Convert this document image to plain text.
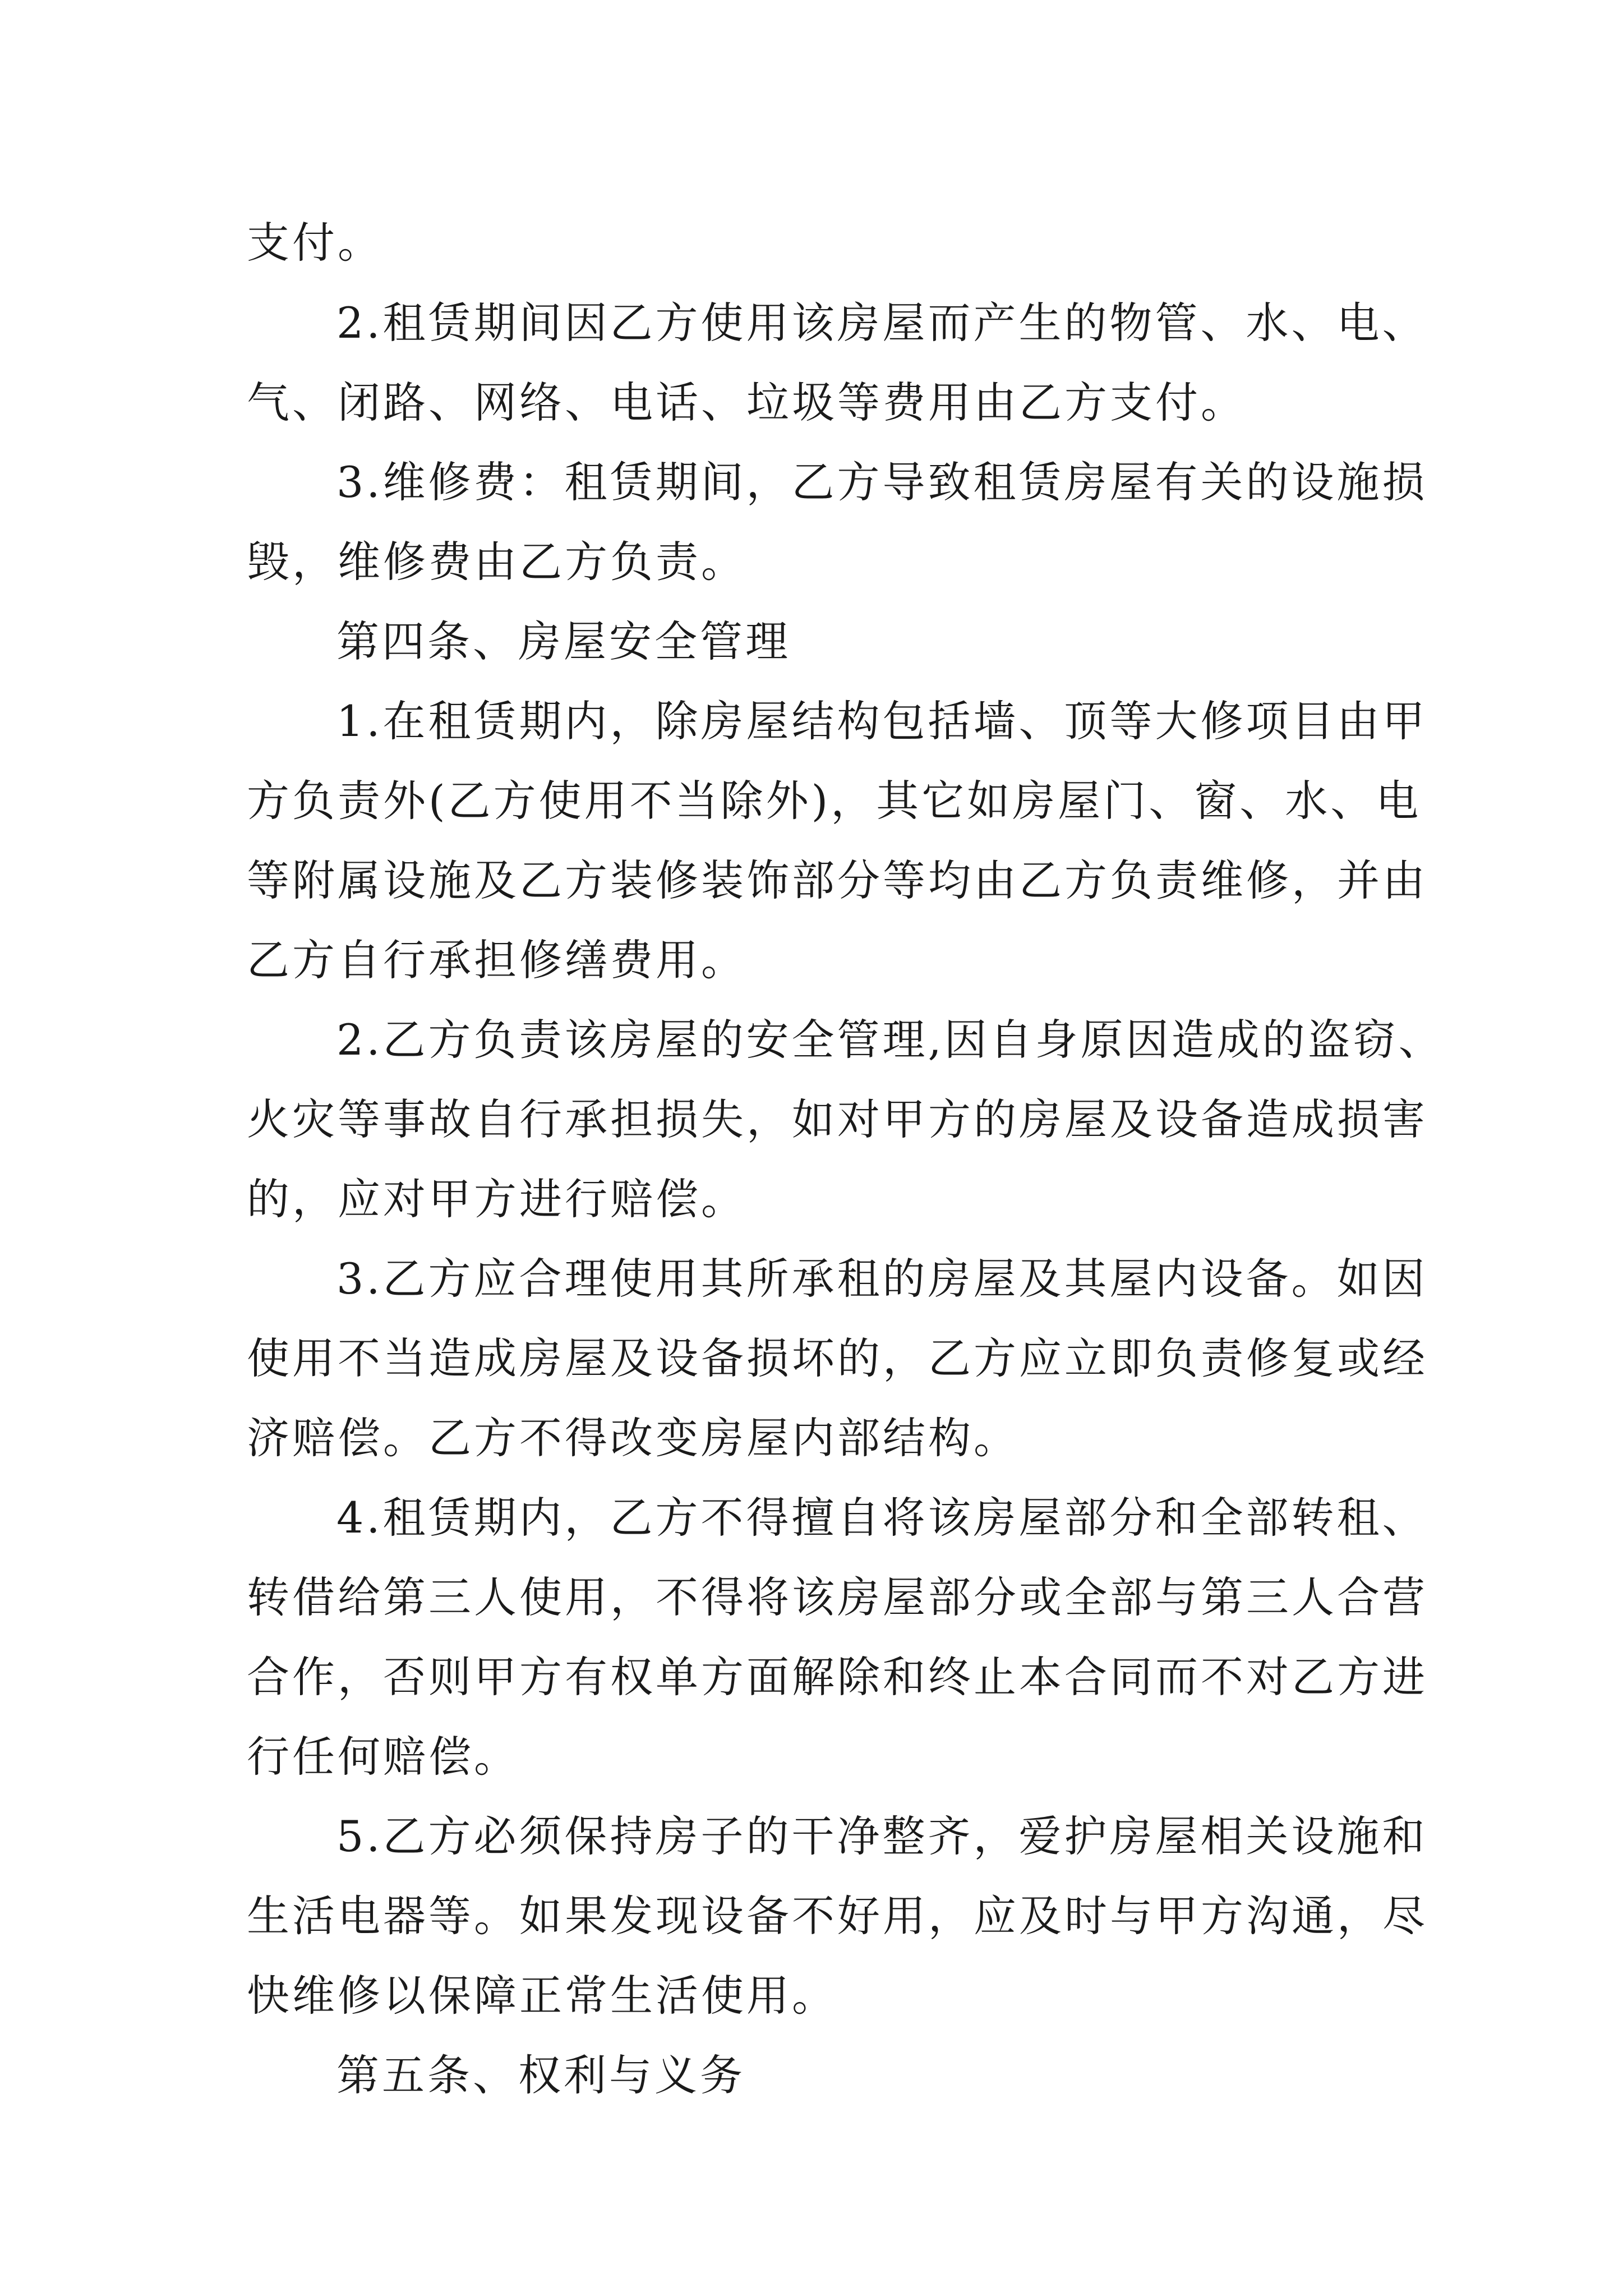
支付。
2.租赁期间因乙方使用该房屋而产生的物管、水、电、
气、闭路、网络、电话、垃圾等费用由乙方支付。
3.维修费：租赁期间，乙方导致租赁房屋有关的设施损
毁，维修费由乙方负责。
第四条、房屋安全管理
1.在租赁期内，除房屋结构包括墙、顶等大修项目由甲
方负责外(乙方使用不当除外)，其它如房屋门、窗、水、电
等附属设施及乙方装修装饰部分等均由乙方负责维修，并由
乙方自行承担修缮费用。
2.乙方负责该房屋的安全管理,因自身原因造成的盗窃、
火灾等事故自行承担损失，如对甲方的房屋及设备造成损害
的，应对甲方进行赔偿。
3.乙方应合理使用其所承租的房屋及其屋内设备。如因
使用不当造成房屋及设备损坏的，乙方应立即负责修复或经
济赔偿。乙方不得改变房屋内部结构。
4.租赁期内，乙方不得擅自将该房屋部分和全部转租、
转借给第三人使用，不得将该房屋部分或全部与第三人合营
合作，否则甲方有权单方面解除和终止本合同而不对乙方进
行任何赔偿。
5.乙方必须保持房子的干净整齐，爱护房屋相关设施和
生活电器等。如果发现设备不好用，应及时与甲方沟通，尽
快维修以保障正常生活使用。
第五条、权利与义务
